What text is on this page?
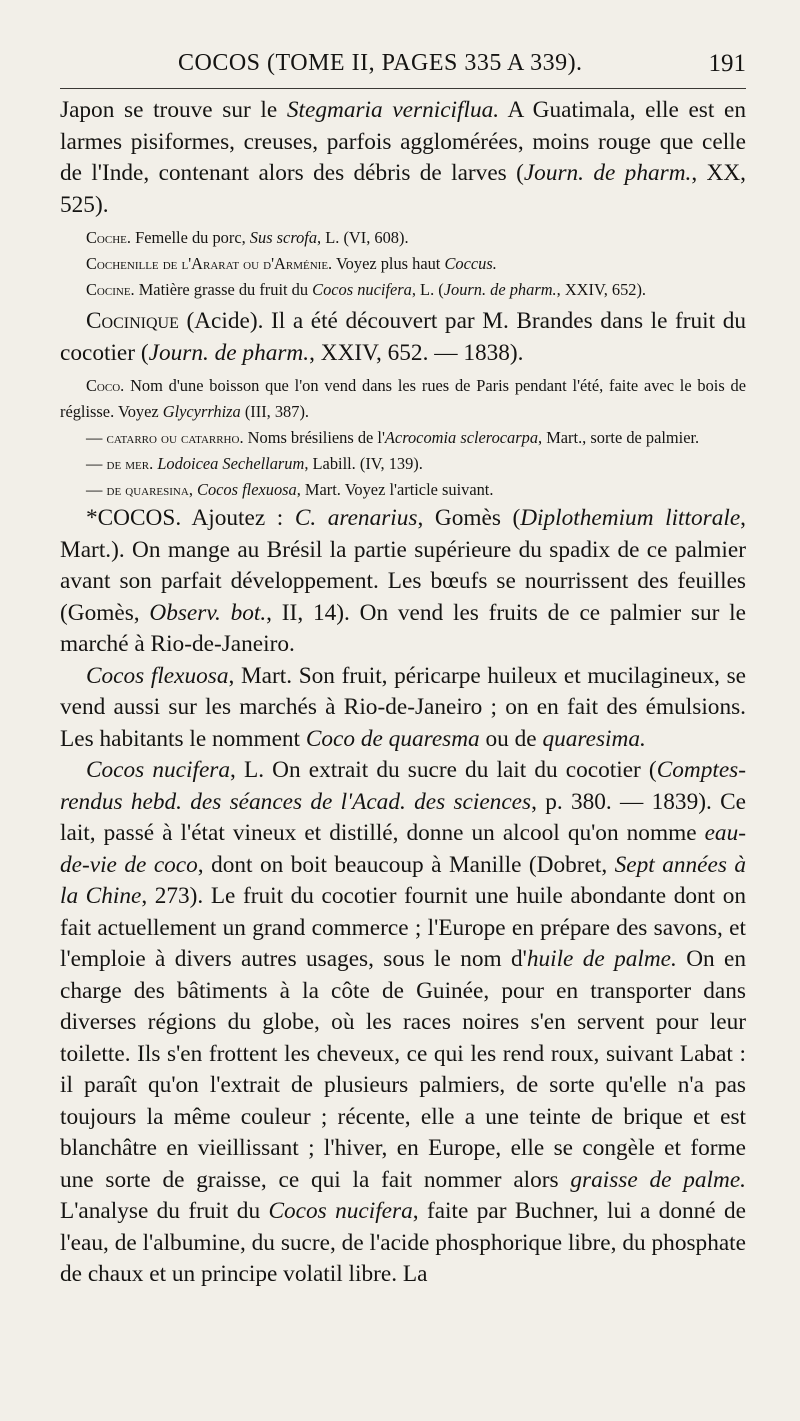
COCOS (TOME II, PAGES 335 A 339).	191

Japon se trouve sur le Stegmaria verniciflua. A Guatimala, elle est en larmes pisiformes, creuses, parfois agglomérées, moins rouge que celle de l'Inde, contenant alors des débris de larves (Journ. de pharm., XX, 525).

Coche. Femelle du porc, Sus scrofa, L. (VI, 608).

Cochenille de l'Ararat ou d'Arménie. Voyez plus haut Coccus.

Cocine. Matière grasse du fruit du Cocos nucifera, L. (Journ. de pharm., XXIV, 652).

Cocinique (Acide). Il a été découvert par M. Brandes dans le fruit du cocotier (Journ. de pharm., XXIV, 652. — 1838).

Coco. Nom d'une boisson que l'on vend dans les rues de Paris pendant l'été, faite avec le bois de réglisse. Voyez Glycyrrhiza (III, 387).

— catarro ou catarrho. Noms brésiliens de l'Acrocomia sclerocarpa, Mart., sorte de palmier.

— de mer. Lodoicea Sechellarum, Labill. (IV, 139).

— de quaresina, Cocos flexuosa, Mart. Voyez l'article suivant.

*COCOS. Ajoutez : C. arenarius, Gomès (Diplothemium littorale, Mart.). On mange au Brésil la partie supérieure du spadix de ce palmier avant son parfait développement. Les bœufs se nourrissent des feuilles (Gomès, Observ. bot., II, 14). On vend les fruits de ce palmier sur le marché à Rio-de-Janeiro.

Cocos flexuosa, Mart. Son fruit, péricarpe huileux et mucilagineux, se vend aussi sur les marchés à Rio-de-Janeiro ; on en fait des émulsions. Les habitants le nomment Coco de quaresma ou de quaresima.

Cocos nucifera, L. On extrait du sucre du lait du cocotier (Comptes-rendus hebd. des séances de l'Acad. des sciences, p. 380. — 1839). Ce lait, passé à l'état vineux et distillé, donne un alcool qu'on nomme eau-de-vie de coco, dont on boit beaucoup à Manille (Dobret, Sept années à la Chine, 273). Le fruit du cocotier fournit une huile abondante dont on fait actuellement un grand commerce ; l'Europe en prépare des savons, et l'emploie à divers autres usages, sous le nom d'huile de palme. On en charge des bâtiments à la côte de Guinée, pour en transporter dans diverses régions du globe, où les races noires s'en servent pour leur toilette. Ils s'en frottent les cheveux, ce qui les rend roux, suivant Labat : il paraît qu'on l'extrait de plusieurs palmiers, de sorte qu'elle n'a pas toujours la même couleur ; récente, elle a une teinte de brique et est blanchâtre en vieillissant ; l'hiver, en Europe, elle se congèle et forme une sorte de graisse, ce qui la fait nommer alors graisse de palme. L'analyse du fruit du Cocos nucifera, faite par Buchner, lui a donné de l'eau, de l'albumine, du sucre, de l'acide phosphorique libre, du phosphate de chaux et un principe volatil libre. La
